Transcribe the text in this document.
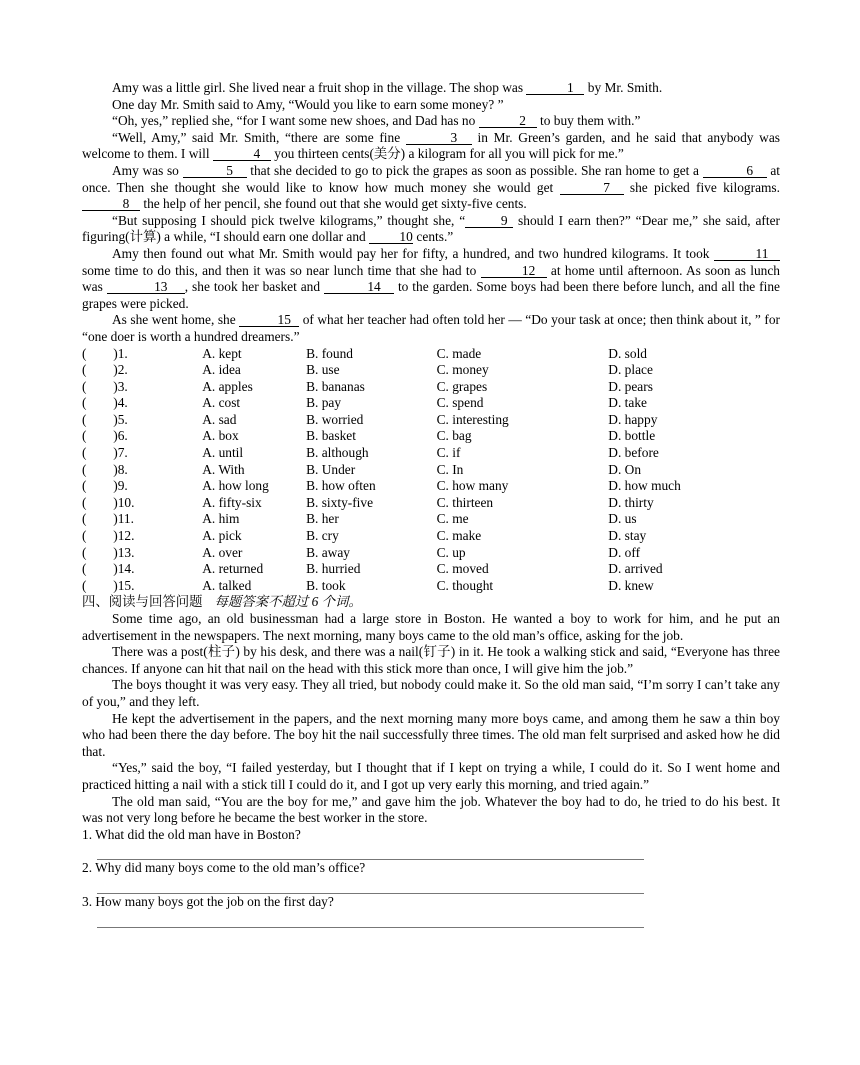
Amy was a little girl. She lived near a fruit shop in the village. The shop was	1 by Mr. Smith.

One day Mr. Smith said to Amy, “Would you like to earn some money? ”

“Oh, yes,” replied she, “for I want some new shoes, and Dad has no	2 to buy them with.”

“Well, Amy,” said Mr. Smith, “there are some fine	3 in Mr. Green’s garden, and he said that anybody was welcome to them. I will	4 you thirteen cents(美分) a kilogram for all you will pick for me.”

Amy was so	5 that she decided to go to pick the grapes as soon as possible. She ran home to get a	6 at once. Then she thought she would like to know how much money she would get	7 she picked five kilograms. 8 the help of her pencil, she found out that she would get sixty-five cents.

“But supposing I should pick twelve kilograms,” thought she, “	9 should I earn then?” “Dear me,” she said, after figuring(计算) a while, “I should earn one dollar and 10 cents.”

Amy then found out what Mr. Smith would pay her for fifty, a hundred, and two hundred kilograms. It took	11 some time to do this, and then it was so near lunch time that she had to	12 at home until afternoon. As soon as lunch was	13 , she took her basket and	14 to the garden. Some boys had been there before lunch, and all the fine grapes were picked.

As she went home, she	15 of what her teacher had often told her — “Do your task at once; then think about it, ” for “one doer is worth a hundred dreamers.”

(        )1.	A. kept	B. found	C. made	D. sold
(        )2.	A. idea	B. use	C. money	D. place
(        )3.	A. apples	B. bananas	C. grapes	D. pears
(        )4.	A. cost	B. pay	C. spend	D. take
(        )5.	A. sad	B. worried	C. interesting	D. happy
(        )6.	A. box	B. basket	C. bag	D. bottle
(        )7.	A. until	B. although	C. if	D. before
(        )8.	A. With	B. Under	C. In	D. On
(        )9.	A. how long	B. how often	C. how many	D. how much
(        )10.	A. fifty-six	B. sixty-five	C. thirteen	D. thirty
(        )11.	A. him	B. her	C. me	D. us
(        )12.	A. pick	B. cry	C. make	D. stay
(        )13.	A. over	B. away	C. up	D. off
(        )14.	A. returned	B. hurried	C. moved	D. arrived
(        )15.	A. talked	B. took	C. thought	D. knew
四、阅读与回答问题 每题答案不超过 6 个词。

Some time ago, an old businessman had a large store in Boston. He wanted a boy to work for him, and he put an advertisement in the newspapers. The next morning, many boys came to the old man’s office, asking for the job.

There was a post(柱子) by his desk, and there was a nail(钉子) in it. He took a walking stick and said, “Everyone has three chances. If anyone can hit that nail on the head with this stick more than once, I will give him the job.”

The boys thought it was very easy. They all tried, but nobody could make it. So the old man said, “I’m sorry I can’t take any of you,” and they left.

He kept the advertisement in the papers, and the next morning many more boys came, and among them he saw a thin boy who had been there the day before. The boy hit the nail successfully three times. The old man felt surprised and asked how he did that.

“Yes,” said the boy, “I failed yesterday, but I thought that if I kept on trying a while, I could do it. So I went home and practiced hitting a nail with a stick till I could do it, and I got up very early this morning, and tried again.”

The old man said, “You are the boy for me,” and gave him the job. Whatever the boy had to do, he tried to do his best. It was not very long before he became the best worker in the store.

1. What did the old man have in Boston?
2. Why did many boys come to the old man’s office?
3. How many boys got the job on the first day?
